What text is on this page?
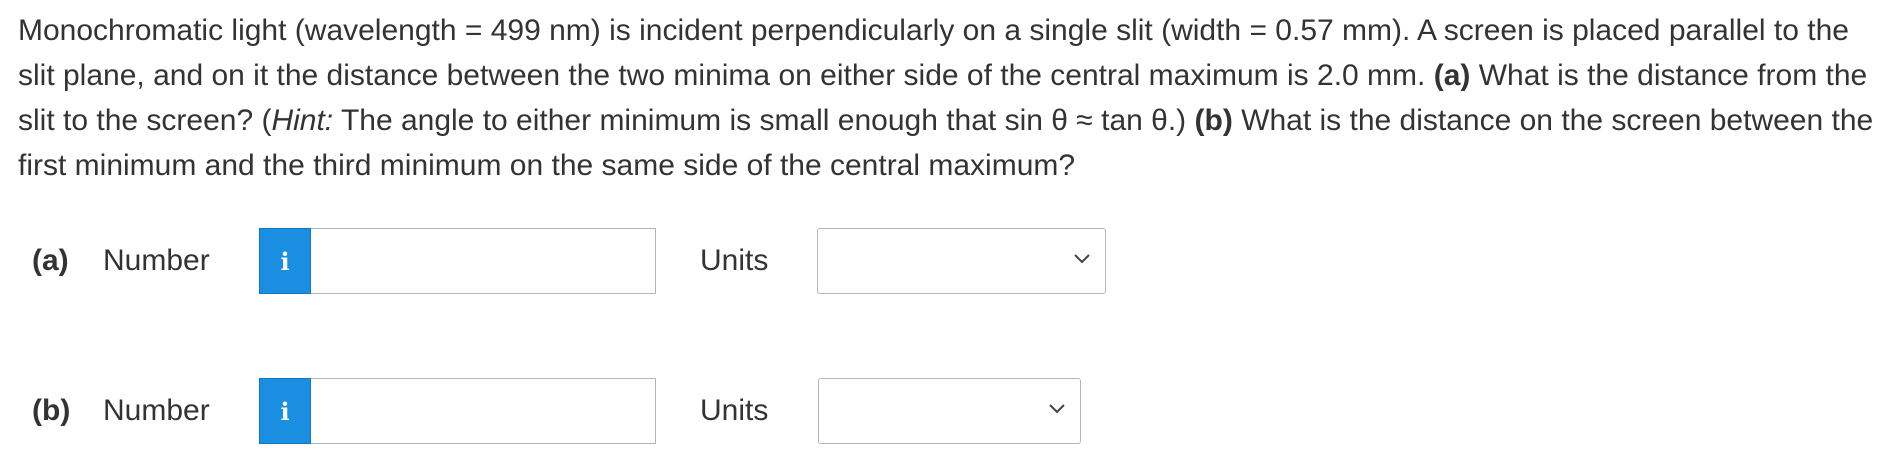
Monochromatic light (wavelength = 499 nm) is incident perpendicularly on a single slit (width = 0.57 mm). A screen is placed parallel to the slit plane, and on it the distance between the two minima on either side of the central maximum is 2.0 mm. (a) What is the distance from the slit to the screen? (Hint: The angle to either minimum is small enough that sin θ ≈ tan θ.) (b) What is the distance on the screen between the first minimum and the third minimum on the same side of the central maximum?
(a) Number	i	Units
(b) Number	i	Units
